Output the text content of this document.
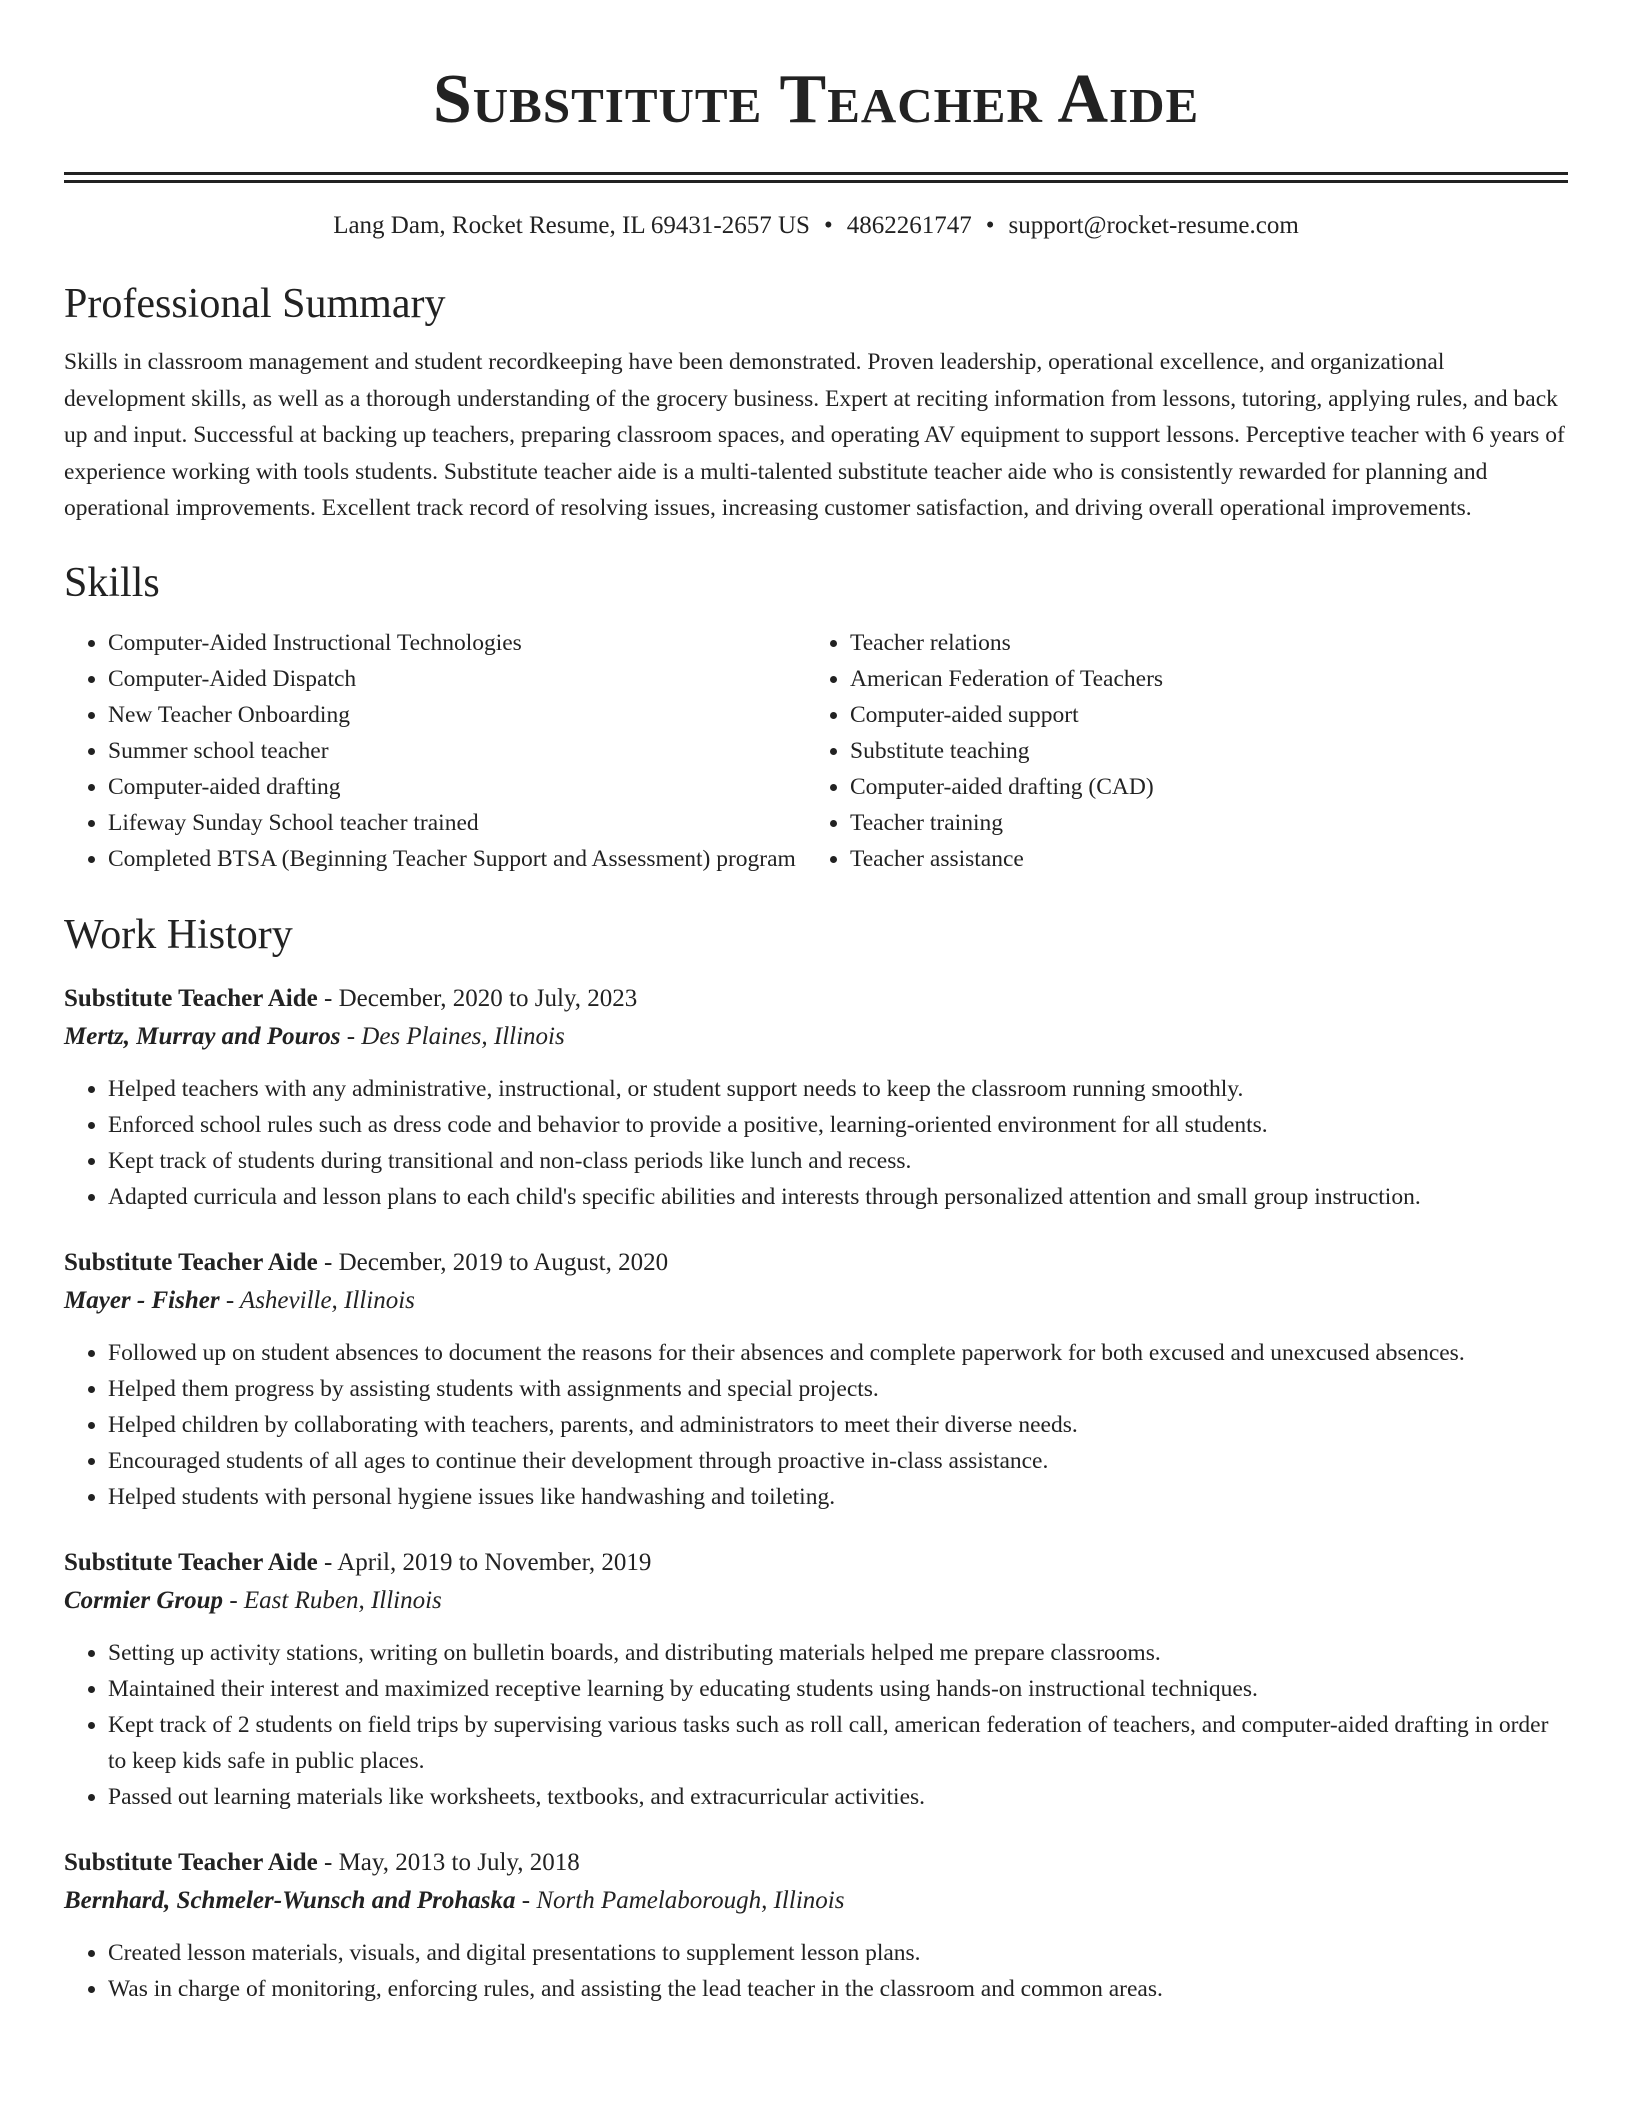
Substitute Teacher Aide
Lang Dam, Rocket Resume, IL 69431-2657 US • 4862261747 • support@rocket-resume.com
Professional Summary

Skills in classroom management and student recordkeeping have been demonstrated. Proven leadership, operational excellence, and organizational development skills, as well as a thorough understanding of the grocery business. Expert at reciting information from lessons, tutoring, applying rules, and back up and input. Successful at backing up teachers, preparing classroom spaces, and operating AV equipment to support lessons. Perceptive teacher with 6 years of experience working with tools students. Substitute teacher aide is a multi-talented substitute teacher aide who is consistently rewarded for planning and operational improvements. Excellent track record of resolving issues, increasing customer satisfaction, and driving overall operational improvements.

Skills
• Computer-Aided Instructional Technologies
• Computer-Aided Dispatch
• New Teacher Onboarding
• Summer school teacher
• Computer-aided drafting
• Lifeway Sunday School teacher trained
• Completed BTSA (Beginning Teacher Support and Assessment) program
• Teacher relations
• American Federation of Teachers
• Computer-aided support
• Substitute teaching
• Computer-aided drafting (CAD)
• Teacher training
• Teacher assistance
Work History
Substitute Teacher Aide - December, 2020 to July, 2023
Mertz, Murray and Pouros - Des Plaines, Illinois
• Helped teachers with any administrative, instructional, or student support needs to keep the classroom running smoothly.
• Enforced school rules such as dress code and behavior to provide a positive, learning-oriented environment for all students.
• Kept track of students during transitional and non-class periods like lunch and recess.
• Adapted curricula and lesson plans to each child's specific abilities and interests through personalized attention and small group instruction.
Substitute Teacher Aide - December, 2019 to August, 2020
Mayer - Fisher - Asheville, Illinois
• Followed up on student absences to document the reasons for their absences and complete paperwork for both excused and unexcused absences.
• Helped them progress by assisting students with assignments and special projects.
• Helped children by collaborating with teachers, parents, and administrators to meet their diverse needs.
• Encouraged students of all ages to continue their development through proactive in-class assistance.
• Helped students with personal hygiene issues like handwashing and toileting.
Substitute Teacher Aide - April, 2019 to November, 2019
Cormier Group - East Ruben, Illinois
• Setting up activity stations, writing on bulletin boards, and distributing materials helped me prepare classrooms.
• Maintained their interest and maximized receptive learning by educating students using hands-on instructional techniques.
• Kept track of 2 students on field trips by supervising various tasks such as roll call, american federation of teachers, and computer-aided drafting in order to keep kids safe in public places.
• Passed out learning materials like worksheets, textbooks, and extracurricular activities.
Substitute Teacher Aide - May, 2013 to July, 2018
Bernhard, Schmeler-Wunsch and Prohaska - North Pamelaborough, Illinois
• Created lesson materials, visuals, and digital presentations to supplement lesson plans.
• Was in charge of monitoring, enforcing rules, and assisting the lead teacher in the classroom and common areas.
